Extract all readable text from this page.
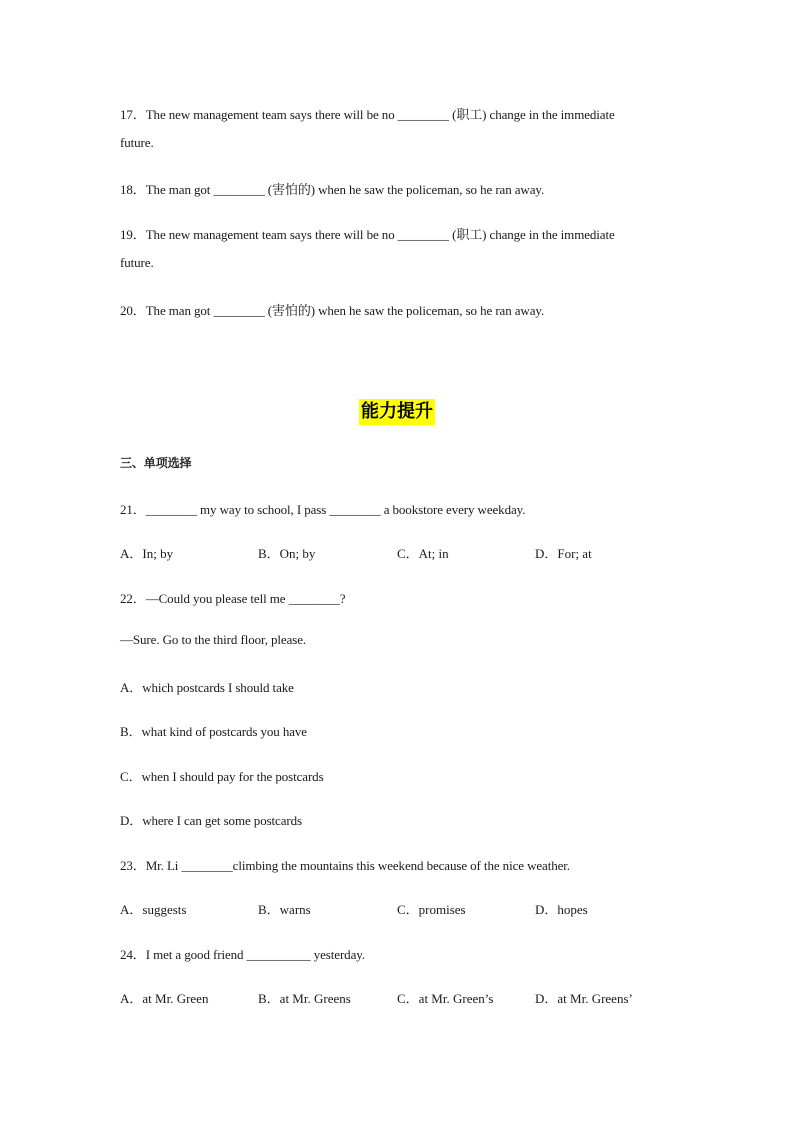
17．The new management team says there will be no ________ (职工) change in the immediate
future.
18．The man got ________ (害怕的) when he saw the policeman, so he ran away.
19．The new management team says there will be no ________ (职工) change in the immediate
future.
20．The man got ________ (害怕的) when he saw the policeman, so he ran away.
能力提升
三、单项选择
21．________ my way to school, I pass ________ a bookstore every weekday.
A．In; by	B．On; by	C．At; in	D．For; at
22．—Could you please tell me ________?
—Sure. Go to the third floor, please.
A．which postcards I should take
B．what kind of postcards you have
C．when I should pay for the postcards
D．where I can get some postcards
23．Mr. Li ________climbing the mountains this weekend because of the nice weather.
A．suggests	B．warns	C．promises	D．hopes
24．I met a good friend __________ yesterday.
A．at Mr. Green	B．at Mr. Greens	C．at Mr. Green’s	D．at Mr. Greens’
